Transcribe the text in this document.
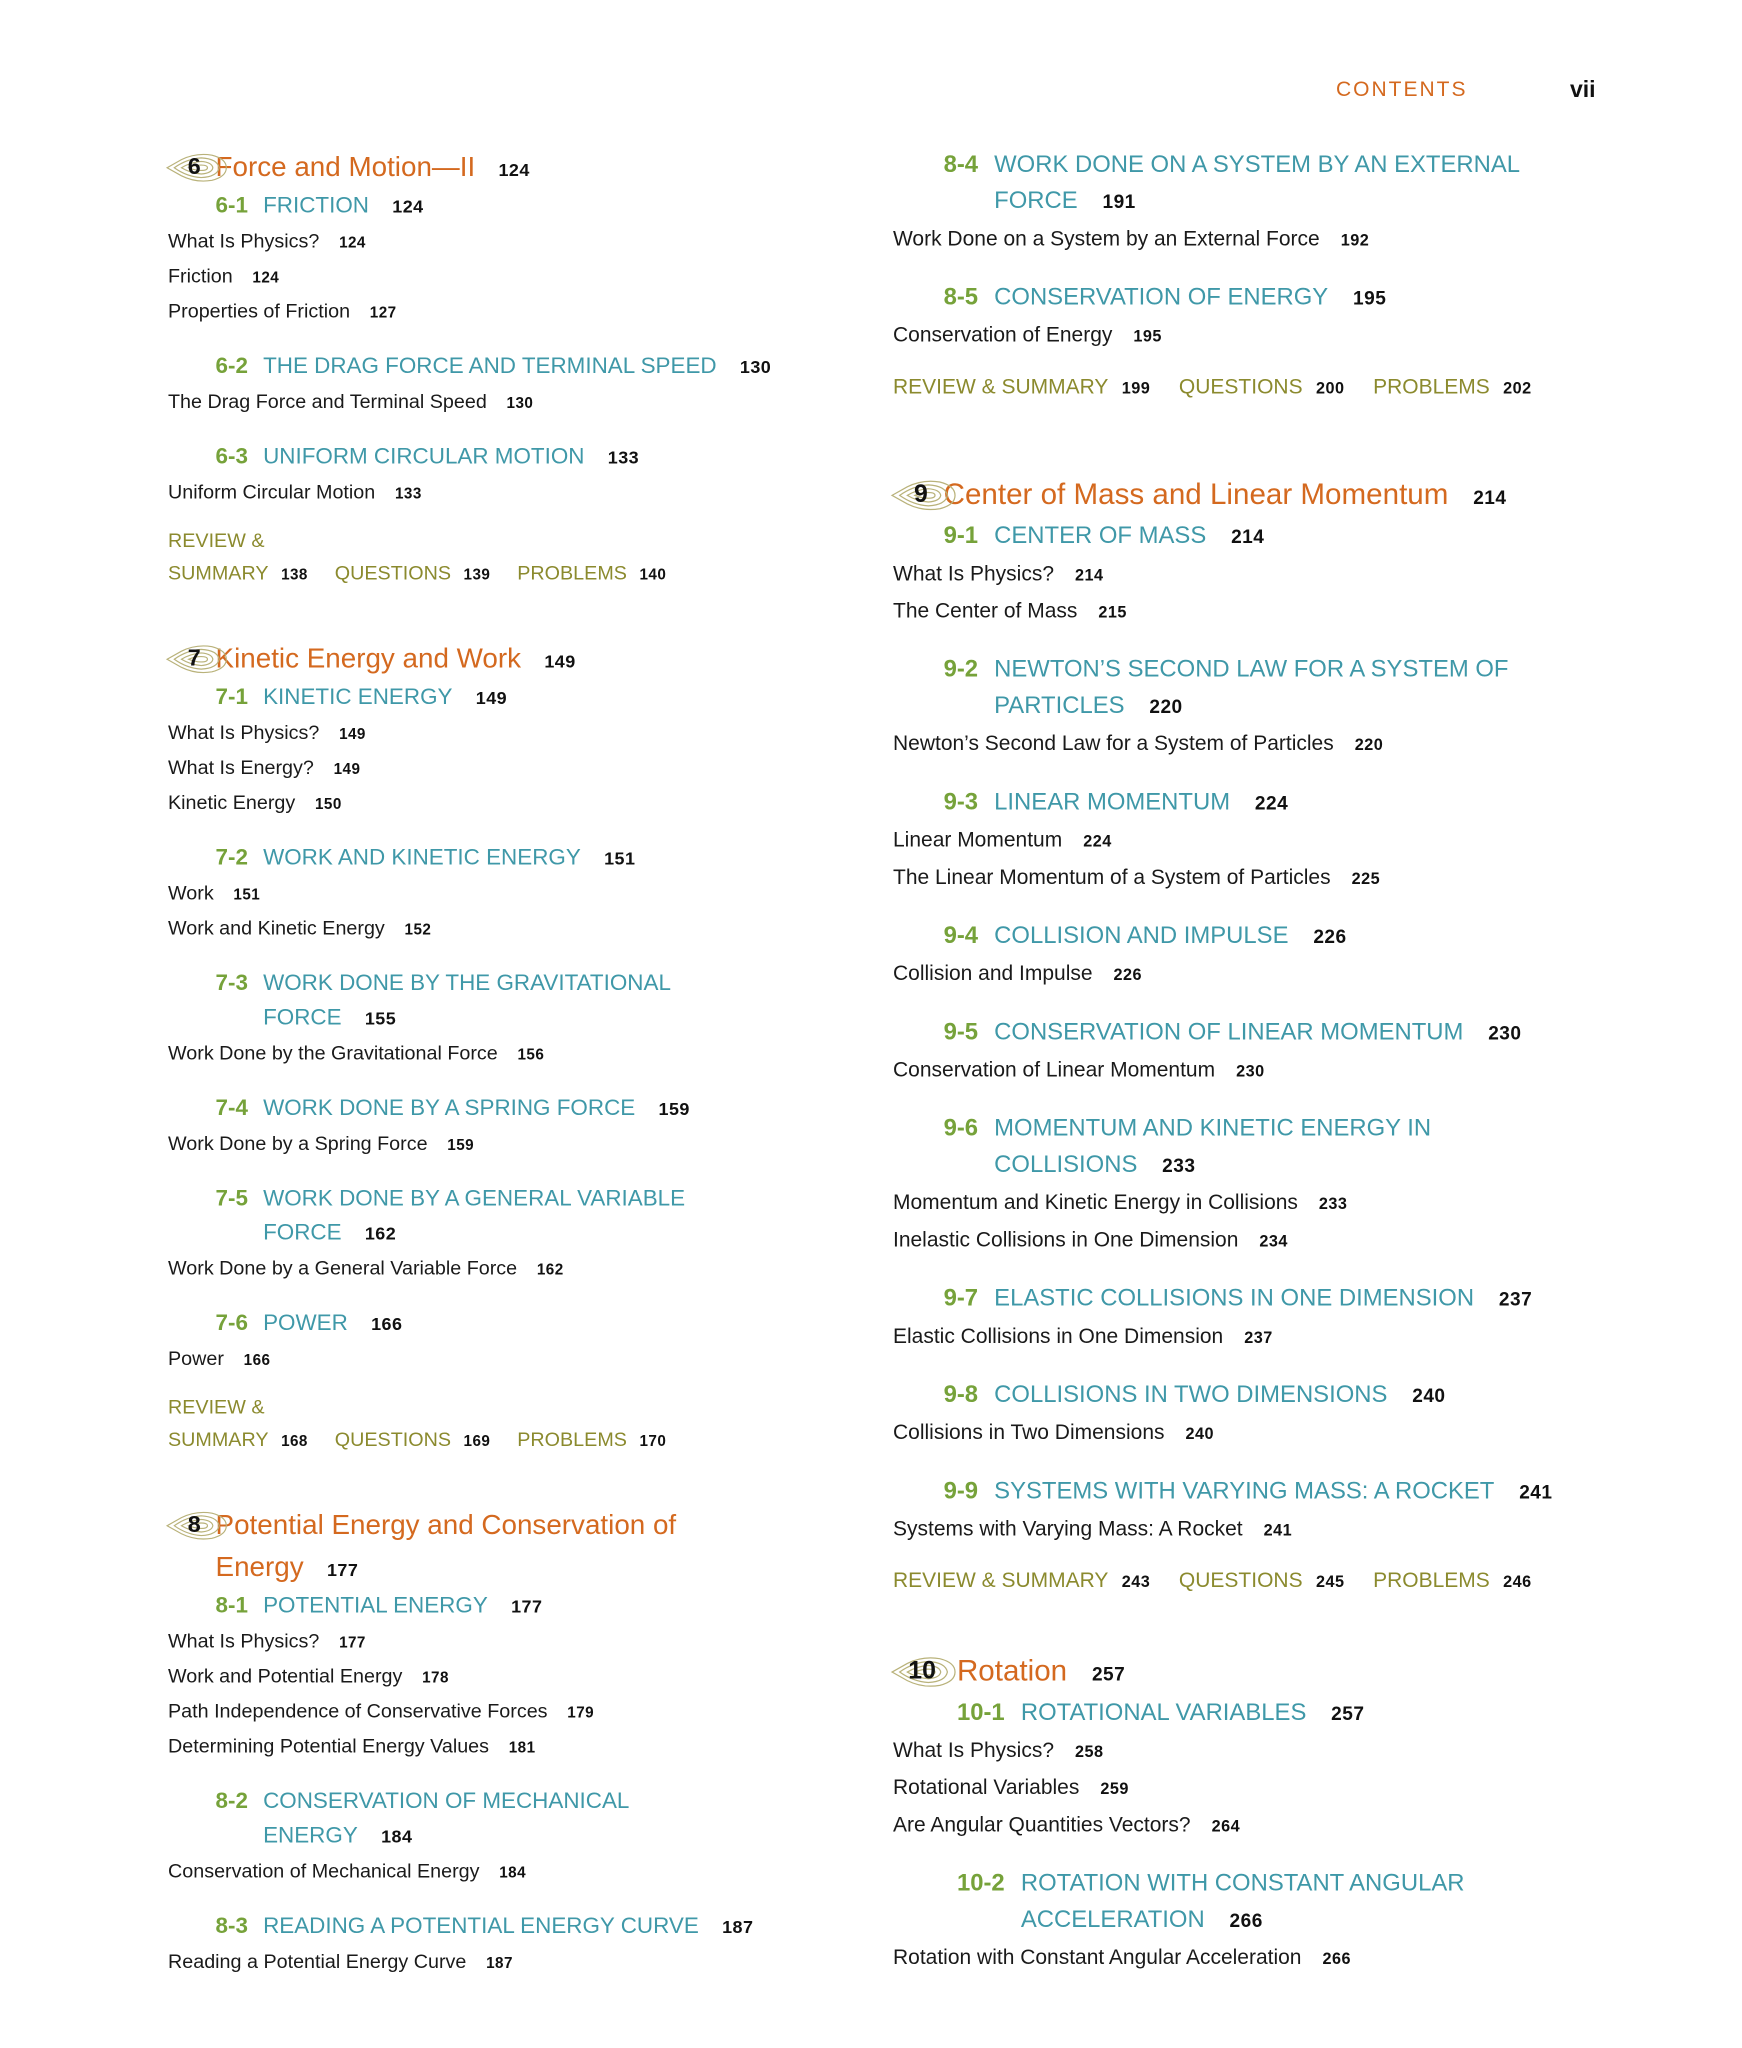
CONTENTS	vii
6 Force and Motion—II 124
6-1 FRICTION 124
What Is Physics? 124
Friction 124
Properties of Friction 127
6-2 THE DRAG FORCE AND TERMINAL SPEED 130
The Drag Force and Terminal Speed 130
6-3 UNIFORM CIRCULAR MOTION 133
Uniform Circular Motion 133
REVIEW & SUMMARY 138 QUESTIONS 139 PROBLEMS 140
7 Kinetic Energy and Work 149
7-1 KINETIC ENERGY 149
What Is Physics? 149
What Is Energy? 149
Kinetic Energy 150
7-2 WORK AND KINETIC ENERGY 151
Work 151
Work and Kinetic Energy 152
7-3 WORK DONE BY THE GRAVITATIONAL FORCE 155
Work Done by the Gravitational Force 156
7-4 WORK DONE BY A SPRING FORCE 159
Work Done by a Spring Force 159
7-5 WORK DONE BY A GENERAL VARIABLE FORCE 162
Work Done by a General Variable Force 162
7-6 POWER 166
Power 166
REVIEW & SUMMARY 168 QUESTIONS 169 PROBLEMS 170
8 Potential Energy and Conservation of Energy 177
8-1 POTENTIAL ENERGY 177
What Is Physics? 177
Work and Potential Energy 178
Path Independence of Conservative Forces 179
Determining Potential Energy Values 181
8-2 CONSERVATION OF MECHANICAL ENERGY 184
Conservation of Mechanical Energy 184
8-3 READING A POTENTIAL ENERGY CURVE 187
Reading a Potential Energy Curve 187
8-4 WORK DONE ON A SYSTEM BY AN EXTERNAL FORCE 191
Work Done on a System by an External Force 192
8-5 CONSERVATION OF ENERGY 195
Conservation of Energy 195
REVIEW & SUMMARY 199 QUESTIONS 200 PROBLEMS 202
9 Center of Mass and Linear Momentum 214
9-1 CENTER OF MASS 214
What Is Physics? 214
The Center of Mass 215
9-2 NEWTON’S SECOND LAW FOR A SYSTEM OF PARTICLES 220
Newton’s Second Law for a System of Particles 220
9-3 LINEAR MOMENTUM 224
Linear Momentum 224
The Linear Momentum of a System of Particles 225
9-4 COLLISION AND IMPULSE 226
Collision and Impulse 226
9-5 CONSERVATION OF LINEAR MOMENTUM 230
Conservation of Linear Momentum 230
9-6 MOMENTUM AND KINETIC ENERGY IN COLLISIONS 233
Momentum and Kinetic Energy in Collisions 233
Inelastic Collisions in One Dimension 234
9-7 ELASTIC COLLISIONS IN ONE DIMENSION 237
Elastic Collisions in One Dimension 237
9-8 COLLISIONS IN TWO DIMENSIONS 240
Collisions in Two Dimensions 240
9-9 SYSTEMS WITH VARYING MASS: A ROCKET 241
Systems with Varying Mass: A Rocket 241
REVIEW & SUMMARY 243 QUESTIONS 245 PROBLEMS 246
10 Rotation 257
10-1 ROTATIONAL VARIABLES 257
What Is Physics? 258
Rotational Variables 259
Are Angular Quantities Vectors? 264
10-2 ROTATION WITH CONSTANT ANGULAR ACCELERATION 266
Rotation with Constant Angular Acceleration 266
